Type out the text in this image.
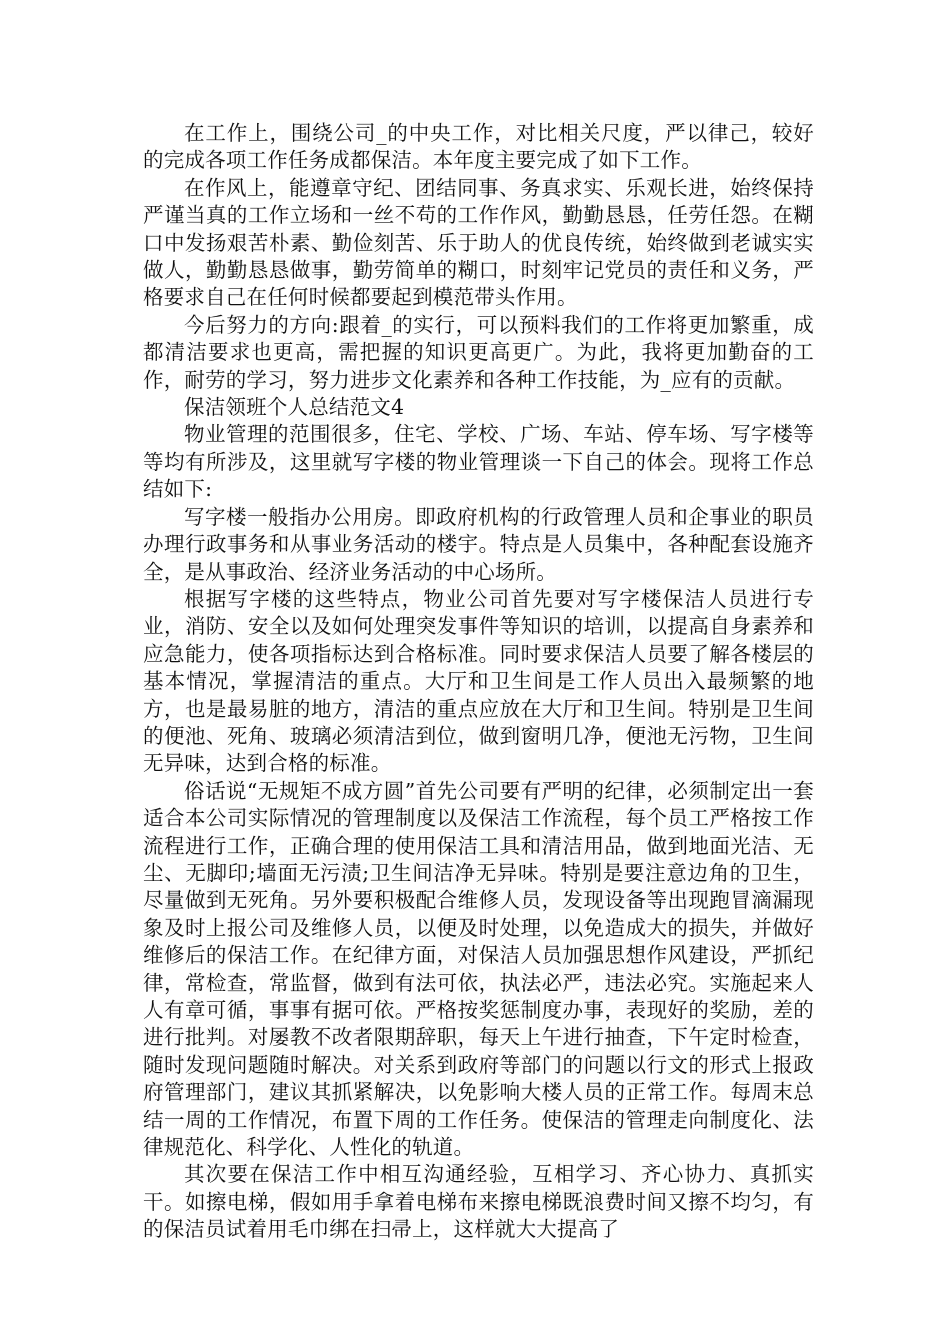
在工作上，围绕公司_的中央工作，对比相关尺度，严以律己，较好的完成各项工作任务成都保洁。本年度主要完成了如下工作。

在作风上，能遵章守纪、团结同事、务真求实、乐观长进，始终保持严谨当真的工作立场和一丝不苟的工作作风，勤勤恳恳，任劳任怨。在糊口中发扬艰苦朴素、勤俭刻苦、乐于助人的优良传统，始终做到老诚实实做人，勤勤恳恳做事，勤劳简单的糊口，时刻牢记党员的责任和义务，严格要求自己在任何时候都要起到模范带头作用。

今后努力的方向:跟着_的实行，可以预料我们的工作将更加繁重，成都清洁要求也更高，需把握的知识更高更广。为此，我将更加勤奋的工作，耐劳的学习，努力进步文化素养和各种工作技能，为_应有的贡献。

保洁领班个人总结范文4

物业管理的范围很多，住宅、学校、广场、车站、停车场、写字楼等等均有所涉及，这里就写字楼的物业管理谈一下自己的体会。现将工作总结如下:

写字楼一般指办公用房。即政府机构的行政管理人员和企事业的职员办理行政事务和从事业务活动的楼宇。特点是人员集中，各种配套设施齐全，是从事政治、经济业务活动的中心场所。

根据写字楼的这些特点，物业公司首先要对写字楼保洁人员进行专业，消防、安全以及如何处理突发事件等知识的培训，以提高自身素养和应急能力，使各项指标达到合格标准。同时要求保洁人员要了解各楼层的基本情况，掌握清洁的重点。大厅和卫生间是工作人员出入最频繁的地方，也是最易脏的地方，清洁的重点应放在大厅和卫生间。特别是卫生间的便池、死角、玻璃必须清洁到位，做到窗明几净，便池无污物，卫生间无异味，达到合格的标准。

俗话说“无规矩不成方圆”首先公司要有严明的纪律，必须制定出一套适合本公司实际情况的管理制度以及保洁工作流程，每个员工严格按工作流程进行工作，正确合理的使用保洁工具和清洁用品，做到地面光洁、无尘、无脚印;墙面无污渍;卫生间洁净无异味。特别是要注意边角的卫生，尽量做到无死角。另外要积极配合维修人员，发现设备等出现跑冒滴漏现象及时上报公司及维修人员，以便及时处理，以免造成大的损失，并做好维修后的保洁工作。在纪律方面，对保洁人员加强思想作风建设，严抓纪律，常检查，常监督，做到有法可依，执法必严，违法必究。实施起来人人有章可循，事事有据可依。严格按奖惩制度办事，表现好的奖励，差的进行批判。对屡教不改者限期辞职，每天上午进行抽查，下午定时检查，随时发现问题随时解决。对关系到政府等部门的问题以行文的形式上报政府管理部门，建议其抓紧解决，以免影响大楼人员的正常工作。每周末总结一周的工作情况，布置下周的工作任务。使保洁的管理走向制度化、法律规范化、科学化、人性化的轨道。

其次要在保洁工作中相互沟通经验，互相学习、齐心协力、真抓实干。如擦电梯，假如用手拿着电梯布来擦电梯既浪费时间又擦不均匀，有的保洁员试着用毛巾绑在扫帚上，这样就大大提高了
